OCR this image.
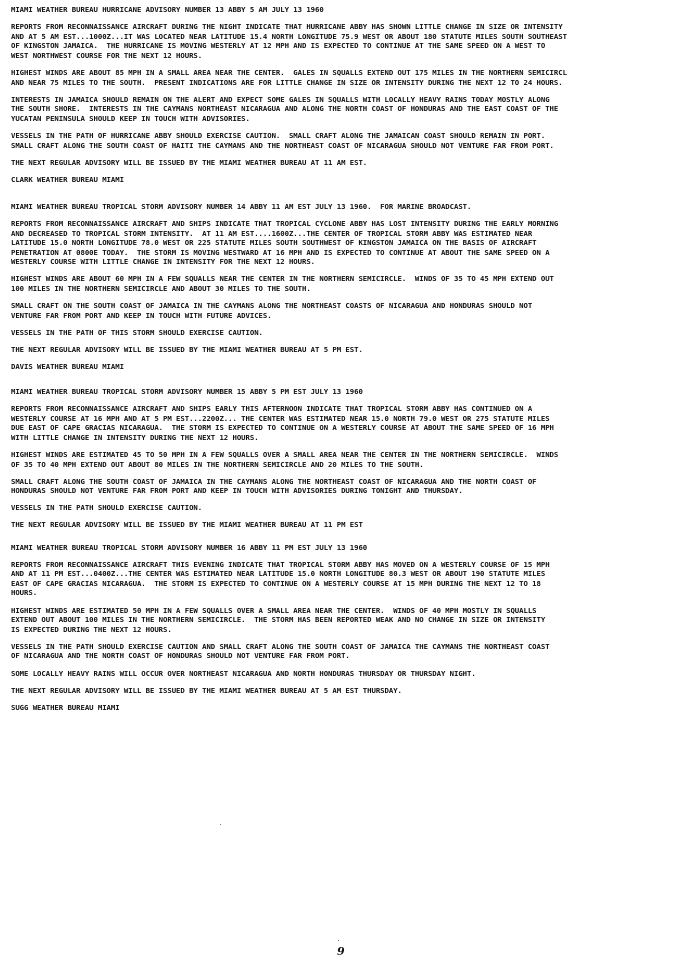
MIAMI WEATHER BUREAU HURRICANE ADVISORY NUMBER 13 ABBY 5 AM JULY 13 1960
REPORTS FROM RECONNAISSANCE AIRCRAFT DURING THE NIGHT INDICATE THAT HURRICANE ABBY HAS SHOWN LITTLE CHANGE IN SIZE OR INTENSITY
AND AT 5 AM EST...1000Z...IT WAS LOCATED NEAR LATITUDE 15.4 NORTH LONGITUDE 75.9 WEST OR ABOUT 180 STATUTE MILES SOUTH SOUTHEAST
OF KINGSTON JAMAICA.  THE HURRICANE IS MOVING WESTERLY AT 12 MPH AND IS EXPECTED TO CONTINUE AT THE SAME SPEED ON A WEST TO
WEST NORTHWEST COURSE FOR THE NEXT 12 HOURS.
HIGHEST WINDS ARE ABOUT 85 MPH IN A SMALL AREA NEAR THE CENTER.  GALES IN SQUALLS EXTEND OUT 175 MILES IN THE NORTHERN SEMICIRCL
AND NEAR 75 MILES TO THE SOUTH.  PRESENT INDICATIONS ARE FOR LITTLE CHANGE IN SIZE OR INTENSITY DURING THE NEXT 12 TO 24 HOURS.
INTERESTS IN JAMAICA SHOULD REMAIN ON THE ALERT AND EXPECT SOME GALES IN SQUALLS WITH LOCALLY HEAVY RAINS TODAY MOSTLY ALONG
THE SOUTH SHORE.  INTERESTS IN THE CAYMANS NORTHEAST NICARAGUA AND ALONG THE NORTH COAST OF HONDURAS AND THE EAST COAST OF THE
YUCATAN PENINSULA SHOULD KEEP IN TOUCH WITH ADVISORIES.
VESSELS IN THE PATH OF HURRICANE ABBY SHOULD EXERCISE CAUTION.  SMALL CRAFT ALONG THE JAMAICAN COAST SHOULD REMAIN IN PORT.
SMALL CRAFT ALONG THE SOUTH COAST OF HAITI THE CAYMANS AND THE NORTHEAST COAST OF NICARAGUA SHOULD NOT VENTURE FAR FROM PORT.
THE NEXT REGULAR ADVISORY WILL BE ISSUED BY THE MIAMI WEATHER BUREAU AT 11 AM EST.
CLARK WEATHER BUREAU MIAMI
MIAMI WEATHER BUREAU TROPICAL STORM ADVISORY NUMBER 14 ABBY 11 AM EST JULY 13 1960.  FOR MARINE BROADCAST.
REPORTS FROM RECONNAISSANCE AIRCRAFT AND SHIPS INDICATE THAT TROPICAL CYCLONE ABBY HAS LOST INTENSITY DURING THE EARLY MORNING
AND DECREASED TO TROPICAL STORM INTENSITY.  AT 11 AM EST....1600Z...THE CENTER OF TROPICAL STORM ABBY WAS ESTIMATED NEAR
LATITUDE 15.0 NORTH LONGITUDE 78.0 WEST OR 225 STATUTE MILES SOUTH SOUTHWEST OF KINGSTON JAMAICA ON THE BASIS OF AIRCRAFT
PENETRATION AT 0800E TODAY.  THE STORM IS MOVING WESTWARD AT 16 MPH AND IS EXPECTED TO CONTINUE AT ABOUT THE SAME SPEED ON A
WESTERLY COURSE WITH LITTLE CHANGE IN INTENSITY FOR THE NEXT 12 HOURS.
HIGHEST WINDS ARE ABOUT 60 MPH IN A FEW SQUALLS NEAR THE CENTER IN THE NORTHERN SEMICIRCLE.  WINDS OF 35 TO 45 MPH EXTEND OUT
100 MILES IN THE NORTHERN SEMICIRCLE AND ABOUT 30 MILES TO THE SOUTH.
SMALL CRAFT ON THE SOUTH COAST OF JAMAICA IN THE CAYMANS ALONG THE NORTHEAST COASTS OF NICARAGUA AND HONDURAS SHOULD NOT
VENTURE FAR FROM PORT AND KEEP IN TOUCH WITH FUTURE ADVICES.
VESSELS IN THE PATH OF THIS STORM SHOULD EXERCISE CAUTION.
THE NEXT REGULAR ADVISORY WILL BE ISSUED BY THE MIAMI WEATHER BUREAU AT 5 PM EST.
DAVIS WEATHER BUREAU MIAMI
MIAMI WEATHER BUREAU TROPICAL STORM ADVISORY NUMBER 15 ABBY 5 PM EST JULY 13 1960
REPORTS FROM RECONNAISSANCE AIRCRAFT AND SHIPS EARLY THIS AFTERNOON INDICATE THAT TROPICAL STORM ABBY HAS CONTINUED ON A
WESTERLY COURSE AT 16 MPH AND AT 5 PM EST...2200Z... THE CENTER WAS ESTIMATED NEAR 15.0 NORTH 79.0 WEST OR 275 STATUTE MILES
DUE EAST OF CAPE GRACIAS NICARAGUA.  THE STORM IS EXPECTED TO CONTINUE ON A WESTERLY COURSE AT ABOUT THE SAME SPEED OF 16 MPH
WITH LITTLE CHANGE IN INTENSITY DURING THE NEXT 12 HOURS.
HIGHEST WINDS ARE ESTIMATED 45 TO 50 MPH IN A FEW SQUALLS OVER A SMALL AREA NEAR THE CENTER IN THE NORTHERN SEMICIRCLE.  WINDS
OF 35 TO 40 MPH EXTEND OUT ABOUT 80 MILES IN THE NORTHERN SEMICIRCLE AND 20 MILES TO THE SOUTH.
SMALL CRAFT ALONG THE SOUTH COAST OF JAMAICA IN THE CAYMANS ALONG THE NORTHEAST COAST OF NICARAGUA AND THE NORTH COAST OF
HONDURAS SHOULD NOT VENTURE FAR FROM PORT AND KEEP IN TOUCH WITH ADVISORIES DURING TONIGHT AND THURSDAY.
VESSELS IN THE PATH SHOULD EXERCISE CAUTION.
THE NEXT REGULAR ADVISORY WILL BE ISSUED BY THE MIAMI WEATHER BUREAU AT 11 PM EST
MIAMI WEATHER BUREAU TROPICAL STORM ADVISORY NUMBER 16 ABBY 11 PM EST JULY 13 1960
REPORTS FROM RECONNAISSANCE AIRCRAFT THIS EVENING INDICATE THAT TROPICAL STORM ABBY HAS MOVED ON A WESTERLY COURSE OF 15 MPH
AND AT 11 PM EST...0400Z...THE CENTER WAS ESTIMATED NEAR LATITUDE 15.0 NORTH LONGITUDE 80.3 WEST OR ABOUT 190 STATUTE MILES
EAST OF CAPE GRACIAS NICARAGUA.  THE STORM IS EXPECTED TO CONTINUE ON A WESTERLY COURSE AT 15 MPH DURING THE NEXT 12 TO 18
HOURS.
HIGHEST WINDS ARE ESTIMATED 50 MPH IN A FEW SQUALLS OVER A SMALL AREA NEAR THE CENTER.  WINDS OF 40 MPH MOSTLY IN SQUALLS
EXTEND OUT ABOUT 100 MILES IN THE NORTHERN SEMICIRCLE.  THE STORM HAS BEEN REPORTED WEAK AND NO CHANGE IN SIZE OR INTENSITY
IS EXPECTED DURING THE NEXT 12 HOURS.
VESSELS IN THE PATH SHOULD EXERCISE CAUTION AND SMALL CRAFT ALONG THE SOUTH COAST OF JAMAICA THE CAYMANS THE NORTHEAST COAST
OF NICARAGUA AND THE NORTH COAST OF HONDURAS SHOULD NOT VENTURE FAR FROM PORT.
SOME LOCALLY HEAVY RAINS WILL OCCUR OVER NORTHEAST NICARAGUA AND NORTH HONDURAS THURSDAY OR THURSDAY NIGHT.
THE NEXT REGULAR ADVISORY WILL BE ISSUED BY THE MIAMI WEATHER BUREAU AT 5 AM EST THURSDAY.
SUGG WEATHER BUREAU MIAMI
9
